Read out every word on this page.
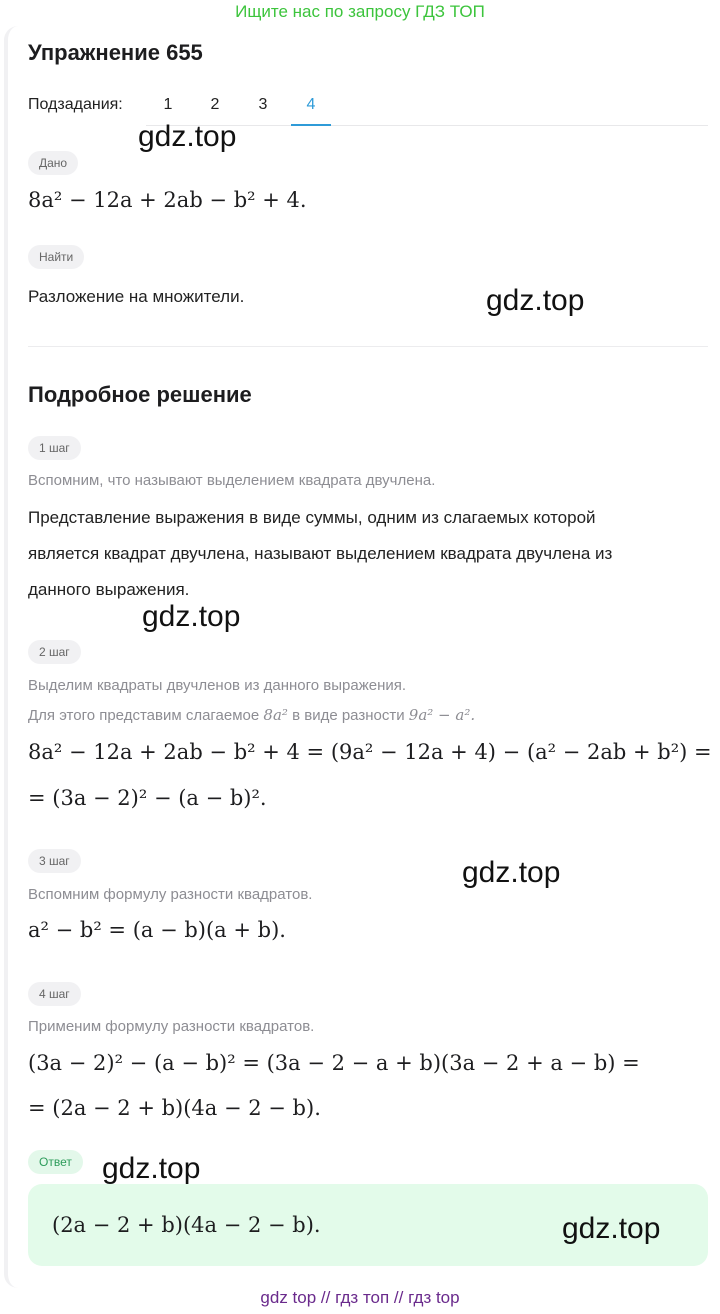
Ищите нас по запросу ГДЗ ТОП
Упражнение 655
Подзадания:	1	2	3	4
Дано
8a² − 12a + 2ab − b² + 4.
Найти
Разложение на множители.
Подробное решение
1 шаг
Вспомним, что называют выделением квадрата двучлена.
Представление выражения в виде суммы, одним из слагаемых которой
является квадрат двучлена, называют выделением квадрата двучлена из
данного выражения.
2 шаг
Выделим квадраты двучленов из данного выражения.
Для этого представим слагаемое 8a² в виде разности 9a² − a².
8a² − 12a + 2ab − b² + 4 = (9a² − 12a + 4) − (a² − 2ab + b²) =
= (3a − 2)² − (a − b)².
3 шаг
Вспомним формулу разности квадратов.
a² − b² = (a − b)(a + b).
4 шаг
Применим формулу разности квадратов.
(3a − 2)² − (a − b)² = (3a − 2 − a + b)(3a − 2 + a − b) =
= (2a − 2 + b)(4a − 2 − b).
Ответ
(2a − 2 + b)(4a − 2 − b).
gdz.top
gdz.top
gdz.top
gdz.top
gdz.top
gdz.top
gdz top // гдз топ // гдз top
